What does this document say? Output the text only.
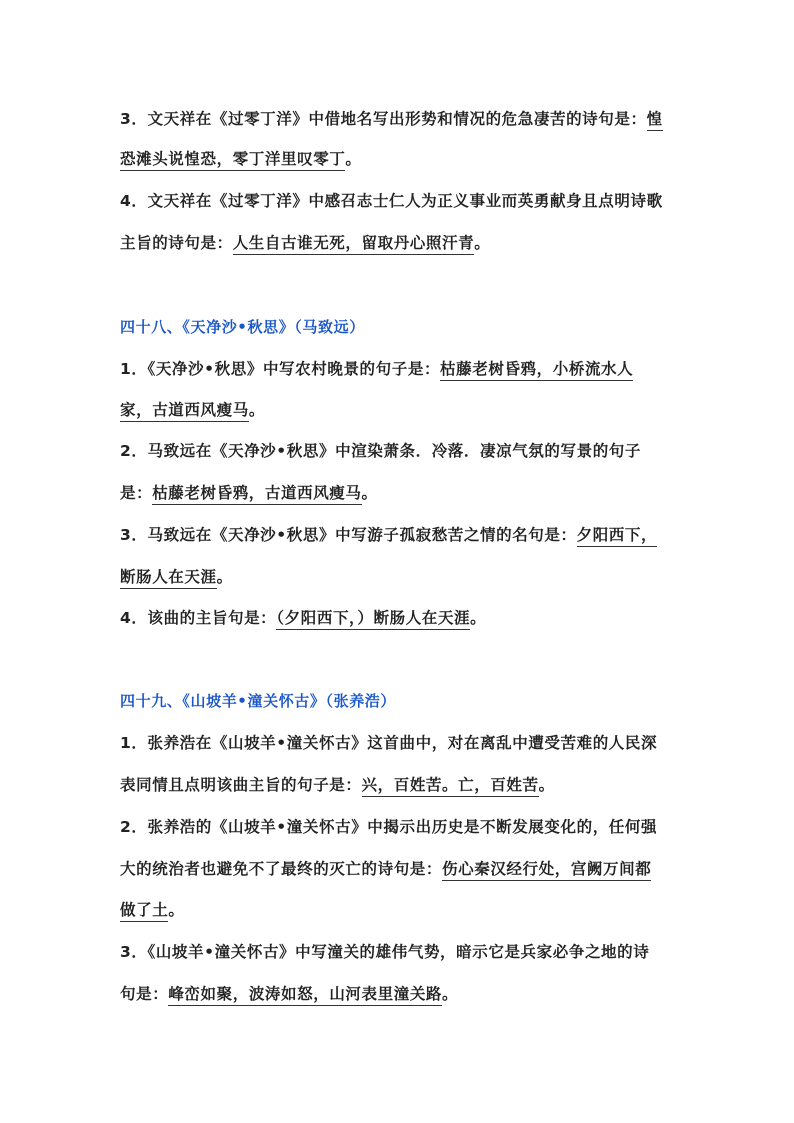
3．文天祥在《过零丁洋》中借地名写出形势和情况的危急凄苦的诗句是：惶
恐滩头说惶恐，零丁洋里叹零丁。
4．文天祥在《过零丁洋》中感召志士仁人为正义事业而英勇献身且点明诗歌
主旨的诗句是：人生自古谁无死，留取丹心照汗青。
四十八、《天净沙•秋思》（马致远）
1．《天净沙•秋思》中写农村晚景的句子是：枯藤老树昏鸦，小桥流水人
家，古道西风瘦马。
2．马致远在《天净沙•秋思》中渲染萧条．冷落．凄凉气氛的写景的句子
是：枯藤老树昏鸦，古道西风瘦马。
3．马致远在《天净沙•秋思》中写游子孤寂愁苦之情的名句是：夕阳西下，
断肠人在天涯。
4．该曲的主旨句是：（夕阳西下，）断肠人在天涯。
四十九、《山坡羊•潼关怀古》（张养浩）
1．张养浩在《山坡羊•潼关怀古》这首曲中，对在离乱中遭受苦难的人民深
表同情且点明该曲主旨的句子是：兴，百姓苦。亡，百姓苦。
2．张养浩的《山坡羊•潼关怀古》中揭示出历史是不断发展变化的，任何强
大的统治者也避免不了最终的灭亡的诗句是：伤心秦汉经行处，宫阙万间都
做了土。
3．《山坡羊•潼关怀古》中写潼关的雄伟气势，暗示它是兵家必争之地的诗
句是：峰峦如聚，波涛如怒，山河表里潼关路。
